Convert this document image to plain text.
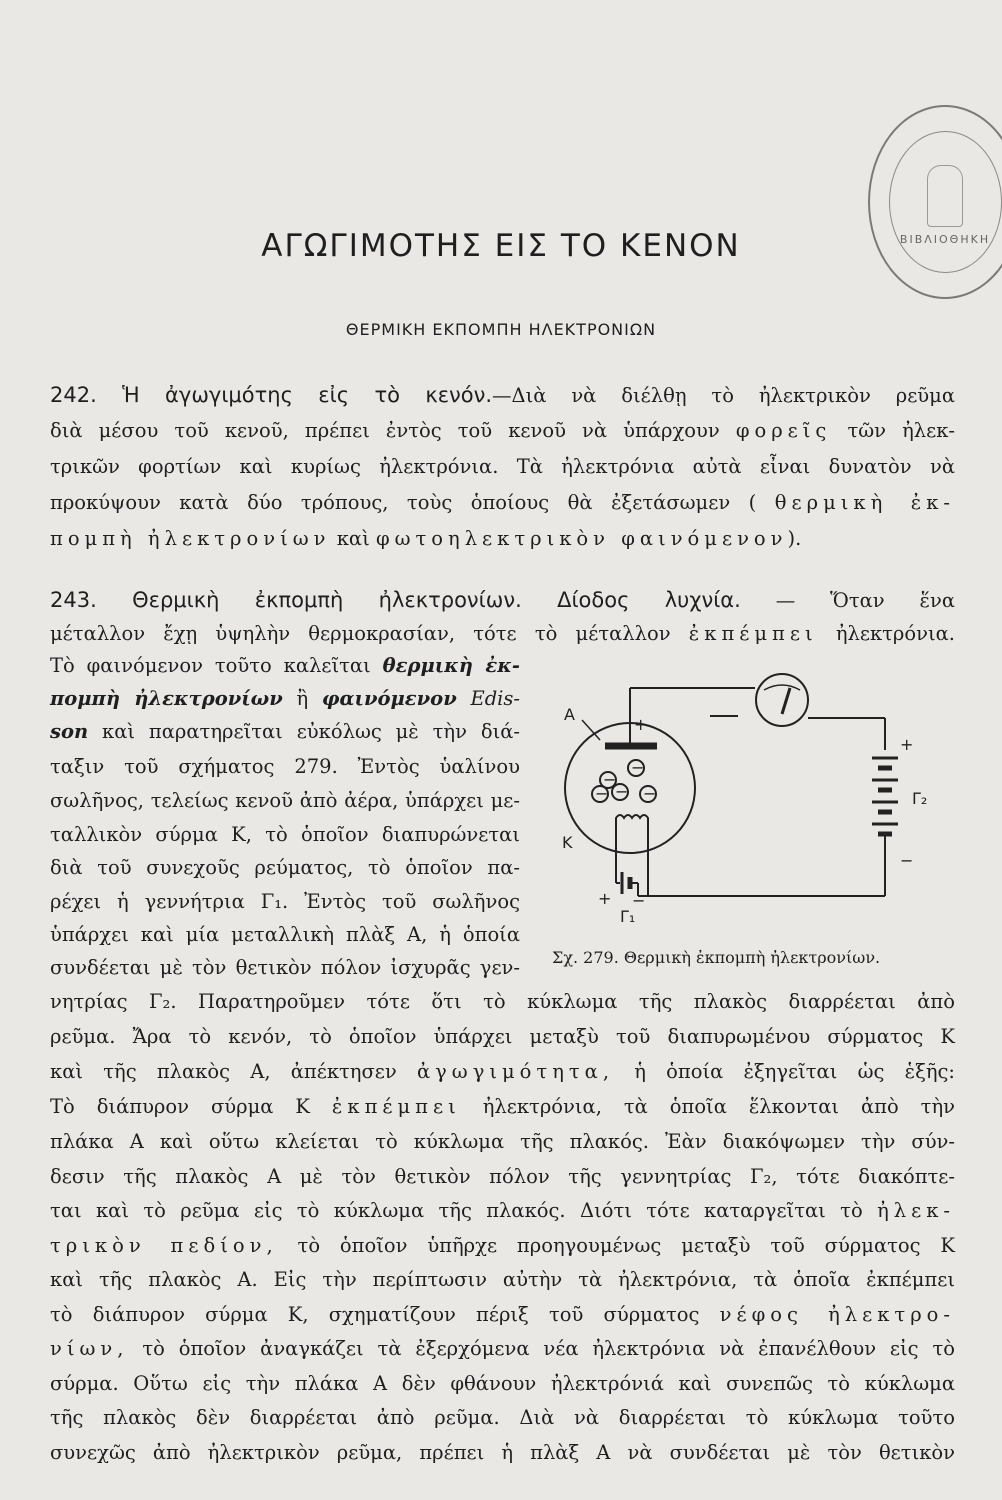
ΒΙΒΛΙΟΘΗΚΗ
ΑΓΩΓΙΜΟΤΗΣ ΕΙΣ ΤΟ ΚΕΝΟΝ
ΘΕΡΜΙΚΗ ΕΚΠΟΜΠΗ ΗΛΕΚΤΡΟΝΙΩΝ
242. Ἡ ἀγωγιμότης εἰς τὸ κενόν.—Διὰ νὰ διέλθῃ τὸ ἠλεκτρικὸν ρεῦμα
διὰ μέσου τοῦ κενοῦ, πρέπει ἐντὸς τοῦ κενοῦ νὰ ὑπάρχουν φορεῖς τῶν ἠλεκ-
τρικῶν φορτίων καὶ κυρίως ἠλεκτρόνια. Τὰ ἠλεκτρόνια αὐτὰ εἶναι δυνατὸν νὰ
προκύψουν κατὰ δύο τρόπους, τοὺς ὁποίους θὰ ἐξετάσωμεν ( θερμικὴ ἐκ-
πομπὴ ἠλεκτρονίων καὶ φωτοηλεκτρικὸν φαινόμενον).
243. Θερμικὴ ἐκπομπὴ ἠλεκτρονίων. Δίοδος λυχνία. — Ὅταν ἕνα
μέταλλον ἔχῃ ὑψηλὴν θερμοκρασίαν, τότε τὸ μέταλλον ἐκπέμπει ἠλεκτρόνια.
Τὸ φαινόμενον τοῦτο καλεῖται θερμικὴ ἐκ-
πομπὴ ἠλεκτρονίων ἢ φαινόμενον Edis-
son καὶ παρατηρεῖται εὐκόλως μὲ τὴν διά-
ταξιν τοῦ σχήματος 279. Ἐντὸς ὑαλίνου
σωλῆνος, τελείως κενοῦ ἀπὸ ἀέρα, ὑπάρχει με-
ταλλικὸν σύρμα Κ, τὸ ὁποῖον διαπυρώνεται
διὰ τοῦ συνεχοῦς ρεύματος, τὸ ὁποῖον πα-
ρέχει ἡ γεννήτρια Γ₁. Ἐντὸς τοῦ σωλῆνος
ὑπάρχει καὶ μία μεταλλικὴ πλὰξ Α, ἡ ὁποία
συνδέεται μὲ τὸν θετικὸν πόλον ἰσχυρᾶς γεν-
νητρίας Γ₂. Παρατηροῦμεν τότε ὅτι τὸ κύκλωμα τῆς πλακὸς διαρρέεται ἀπὸ
ρεῦμα. Ἄρα τὸ κενόν, τὸ ὁποῖον ὑπάρχει μεταξὺ τοῦ διαπυρωμένου σύρματος Κ
καὶ τῆς πλακὸς Α, ἀπέκτησεν ἀγωγιμότητα, ἡ ὁποία ἐξηγεῖται ὡς ἑξῆς:
Τὸ διάπυρον σύρμα Κ ἐκπέμπει ἠλεκτρόνια, τὰ ὁποῖα ἕλκονται ἀπὸ τὴν
πλάκα Α καὶ οὕτω κλείεται τὸ κύκλωμα τῆς πλακός. Ἐὰν διακόψωμεν τὴν σύν-
δεσιν τῆς πλακὸς Α μὲ τὸν θετικὸν πόλον τῆς γεννητρίας Γ₂, τότε διακόπτε-
ται καὶ τὸ ρεῦμα εἰς τὸ κύκλωμα τῆς πλακός. Διότι τότε καταργεῖται τὸ ἠλεκ-
τρικὸν πεδίον, τὸ ὁποῖον ὑπῆρχε προηγουμένως μεταξὺ τοῦ σύρματος Κ
καὶ τῆς πλακὸς Α. Εἰς τὴν περίπτωσιν αὐτὴν τὰ ἠλεκτρόνια, τὰ ὁποῖα ἐκπέμπει
τὸ διάπυρον σύρμα Κ, σχηματίζουν πέριξ τοῦ σύρματος νέφος ἠλεκτρο-
νίων, τὸ ὁποῖον ἀναγκάζει τὰ ἐξερχόμενα νέα ἠλεκτρόνια νὰ ἐπανέλθουν εἰς τὸ
σύρμα. Οὕτω εἰς τὴν πλάκα Α δὲν φθάνουν ἠλεκτρόνιά καὶ συνεπῶς τὸ κύκλωμα
τῆς πλακὸς δὲν διαρρέεται ἀπὸ ρεῦμα. Διὰ νὰ διαρρέεται τὸ κύκλωμα τοῦτο
συνεχῶς ἀπὸ ἠλεκτρικὸν ρεῦμα, πρέπει ἡ πλὰξ Α νὰ συνδέεται μὲ τὸν θετικὸν
Α
Κ
+
+
−
Γ₂
+ −
Γ₁
−
−
− −
−
Σχ. 279. Θερμικὴ ἐκπομπὴ ἠλεκτρονίων.
